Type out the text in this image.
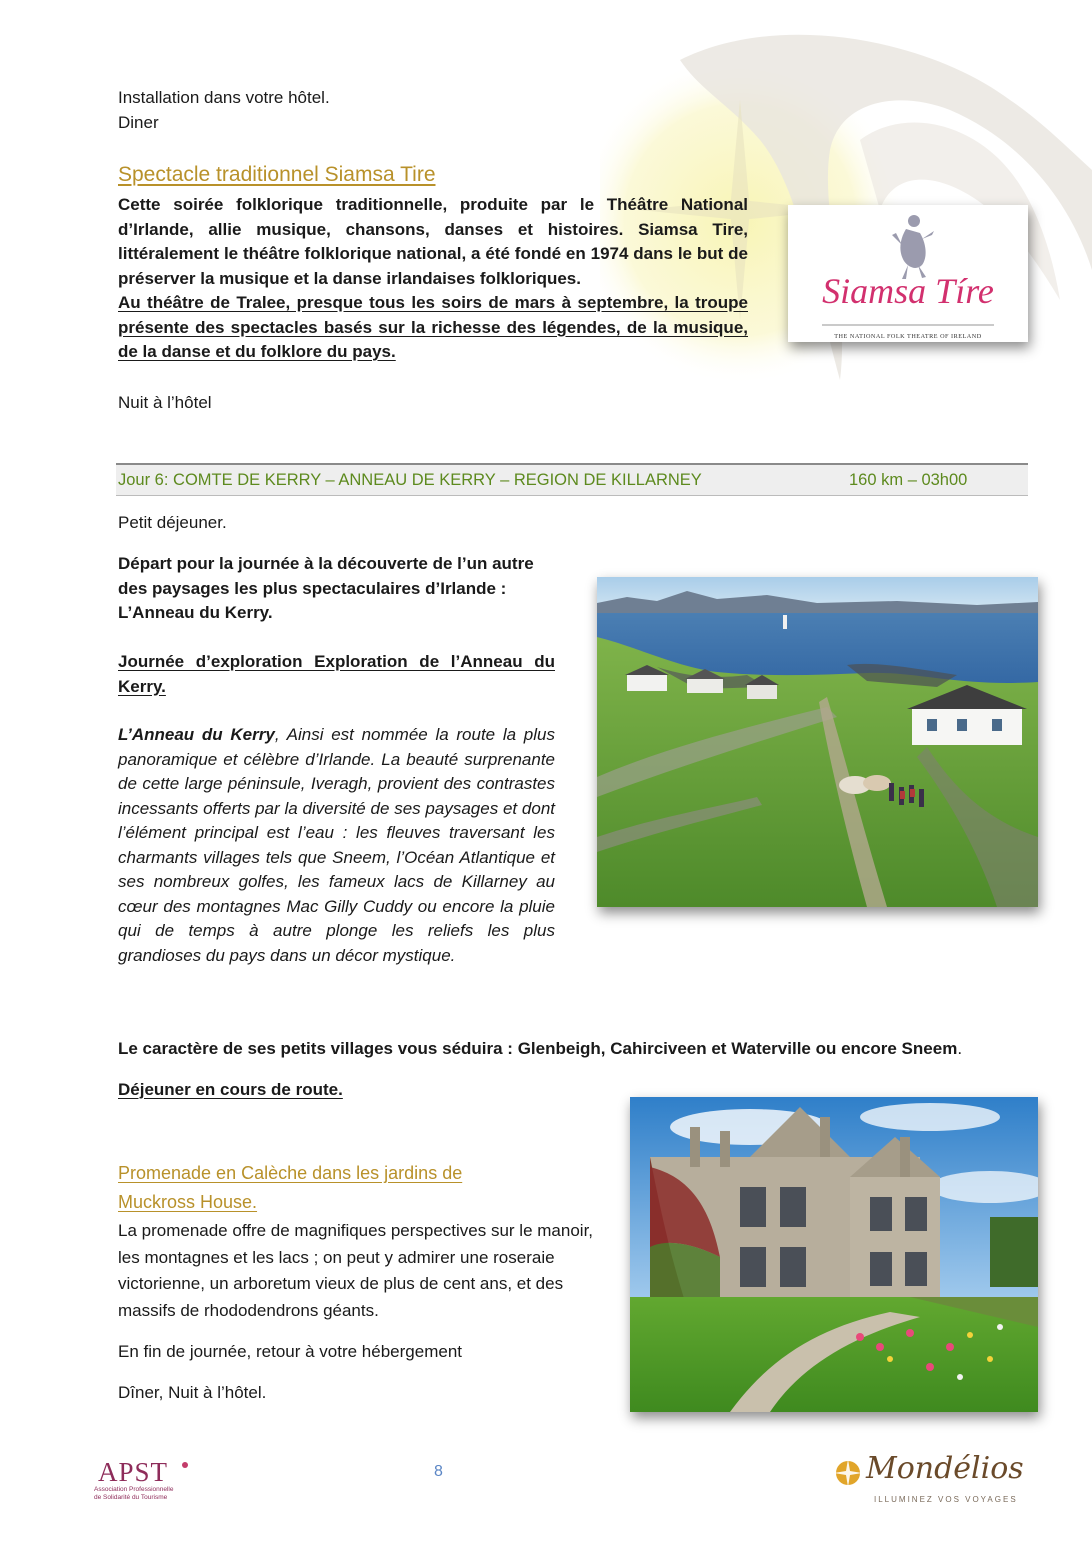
Installation dans votre hôtel.
Diner
Spectacle traditionnel Siamsa Tire
Cette soirée folklorique traditionnelle, produite par le Théâtre National d’Irlande, allie musique, chansons, danses et histoires. Siamsa Tire, littéralement le théâtre folklorique national, a été fondé en 1974 dans le but de préserver la musique et la danse irlandaises folkloriques.
Au théâtre de Tralee, presque tous les soirs de mars à septembre, la troupe présente des spectacles basés sur la richesse des légendes, de la musique, de la danse et du folklore du pays.
Nuit à l’hôtel
Siamsa Tíre
THE NATIONAL FOLK THEATRE OF IRELAND
Jour 6: COMTE DE KERRY – ANNEAU DE KERRY – REGION DE KILLARNEY	160 km – 03h00
Petit déjeuner.
Départ pour la journée à la découverte de l’un autre des paysages les plus spectaculaires d’Irlande : L’Anneau du Kerry.
Journée d’exploration Exploration de l’Anneau du Kerry.
L’Anneau du Kerry, Ainsi est nommée la route la plus panoramique et célèbre d’Irlande. La beauté surprenante de cette large péninsule, Iveragh, provient des contrastes incessants offerts par la diversité de ses paysages et dont l’élément principal est l’eau : les fleuves traversant les charmants villages tels que Sneem, l’Océan Atlantique et ses nombreux golfes, les fameux lacs de Killarney au cœur des montagnes Mac Gilly Cuddy ou encore la pluie qui de temps à autre plonge les reliefs les plus grandioses du pays dans un décor mystique.
Le caractère de ses petits villages vous séduira : Glenbeigh, Cahirciveen et Waterville ou encore Sneem.
Déjeuner en cours de route.
Promenade en Calèche dans les jardins de
Muckross House.
La promenade offre de magnifiques perspectives sur le manoir, les montagnes et les lacs ; on peut y admirer une roseraie victorienne, un arboretum vieux de plus de cent ans, et des massifs de rhododendrons géants.
En fin de journée, retour à votre hébergement
Dîner, Nuit à l’hôtel.
APST
Association Professionnelle
de Solidarité du Tourisme
8	Mondélios
ILLUMINEZ VOS VOYAGES
